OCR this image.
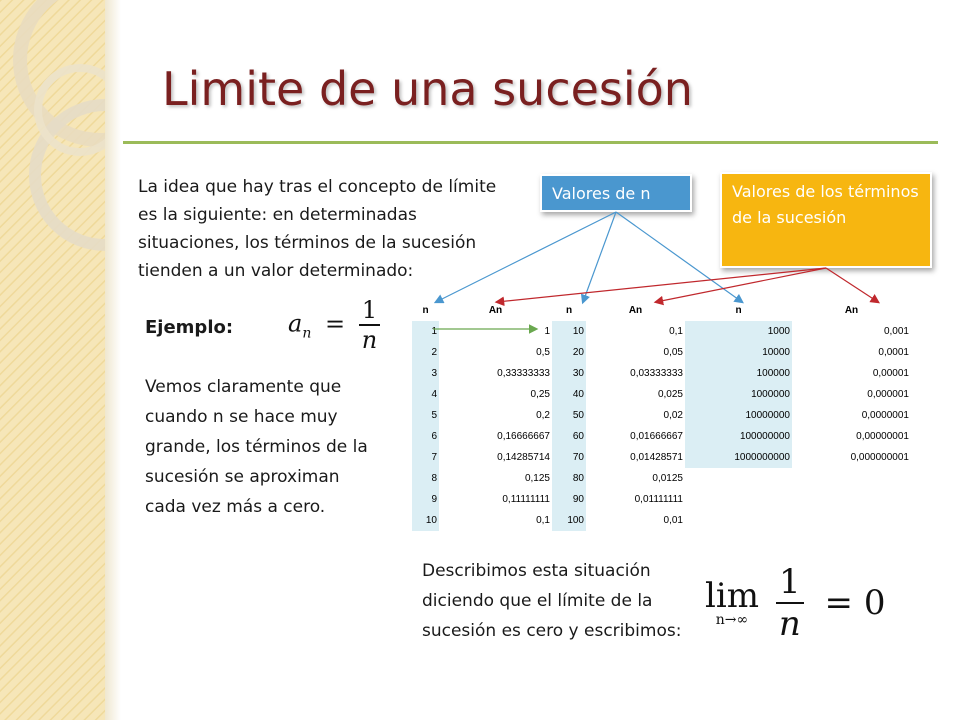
Limite de una sucesión
La idea que hay tras el concepto de límite es la siguiente: en determinadas situaciones, los términos de la sucesión tienden a un valor determinado:
Ejemplo: $a_n = \frac{1}{n}$
Vemos claramente que cuando n se hace muy grande, los términos de la sucesión se aproximan cada vez más a cero.
Valores de n	Valores de los términos de la sucesión
n	An	n	An	n	An
1	1	10	0,1	1000	0,001
2	0,5	20	0,05	10000	0,0001
3	0,33333333	30	0,03333333	100000	0,00001
4	0,25	40	0,025	1000000	0,000001
5	0,2	50	0,02	10000000	0,0000001
6	0,16666667	60	0,01666667	100000000	0,00000001
7	0,14285714	70	0,01428571	1000000000	0,000000001
8	0,125	80	0,0125		
9	0,11111111	90	0,01111111		
10	0,1	100	0,01		
Describimos esta situación diciendo que el límite de la sucesión es cero y escribimos:
lim
n→∞
$\frac{1}{n} = 0$
